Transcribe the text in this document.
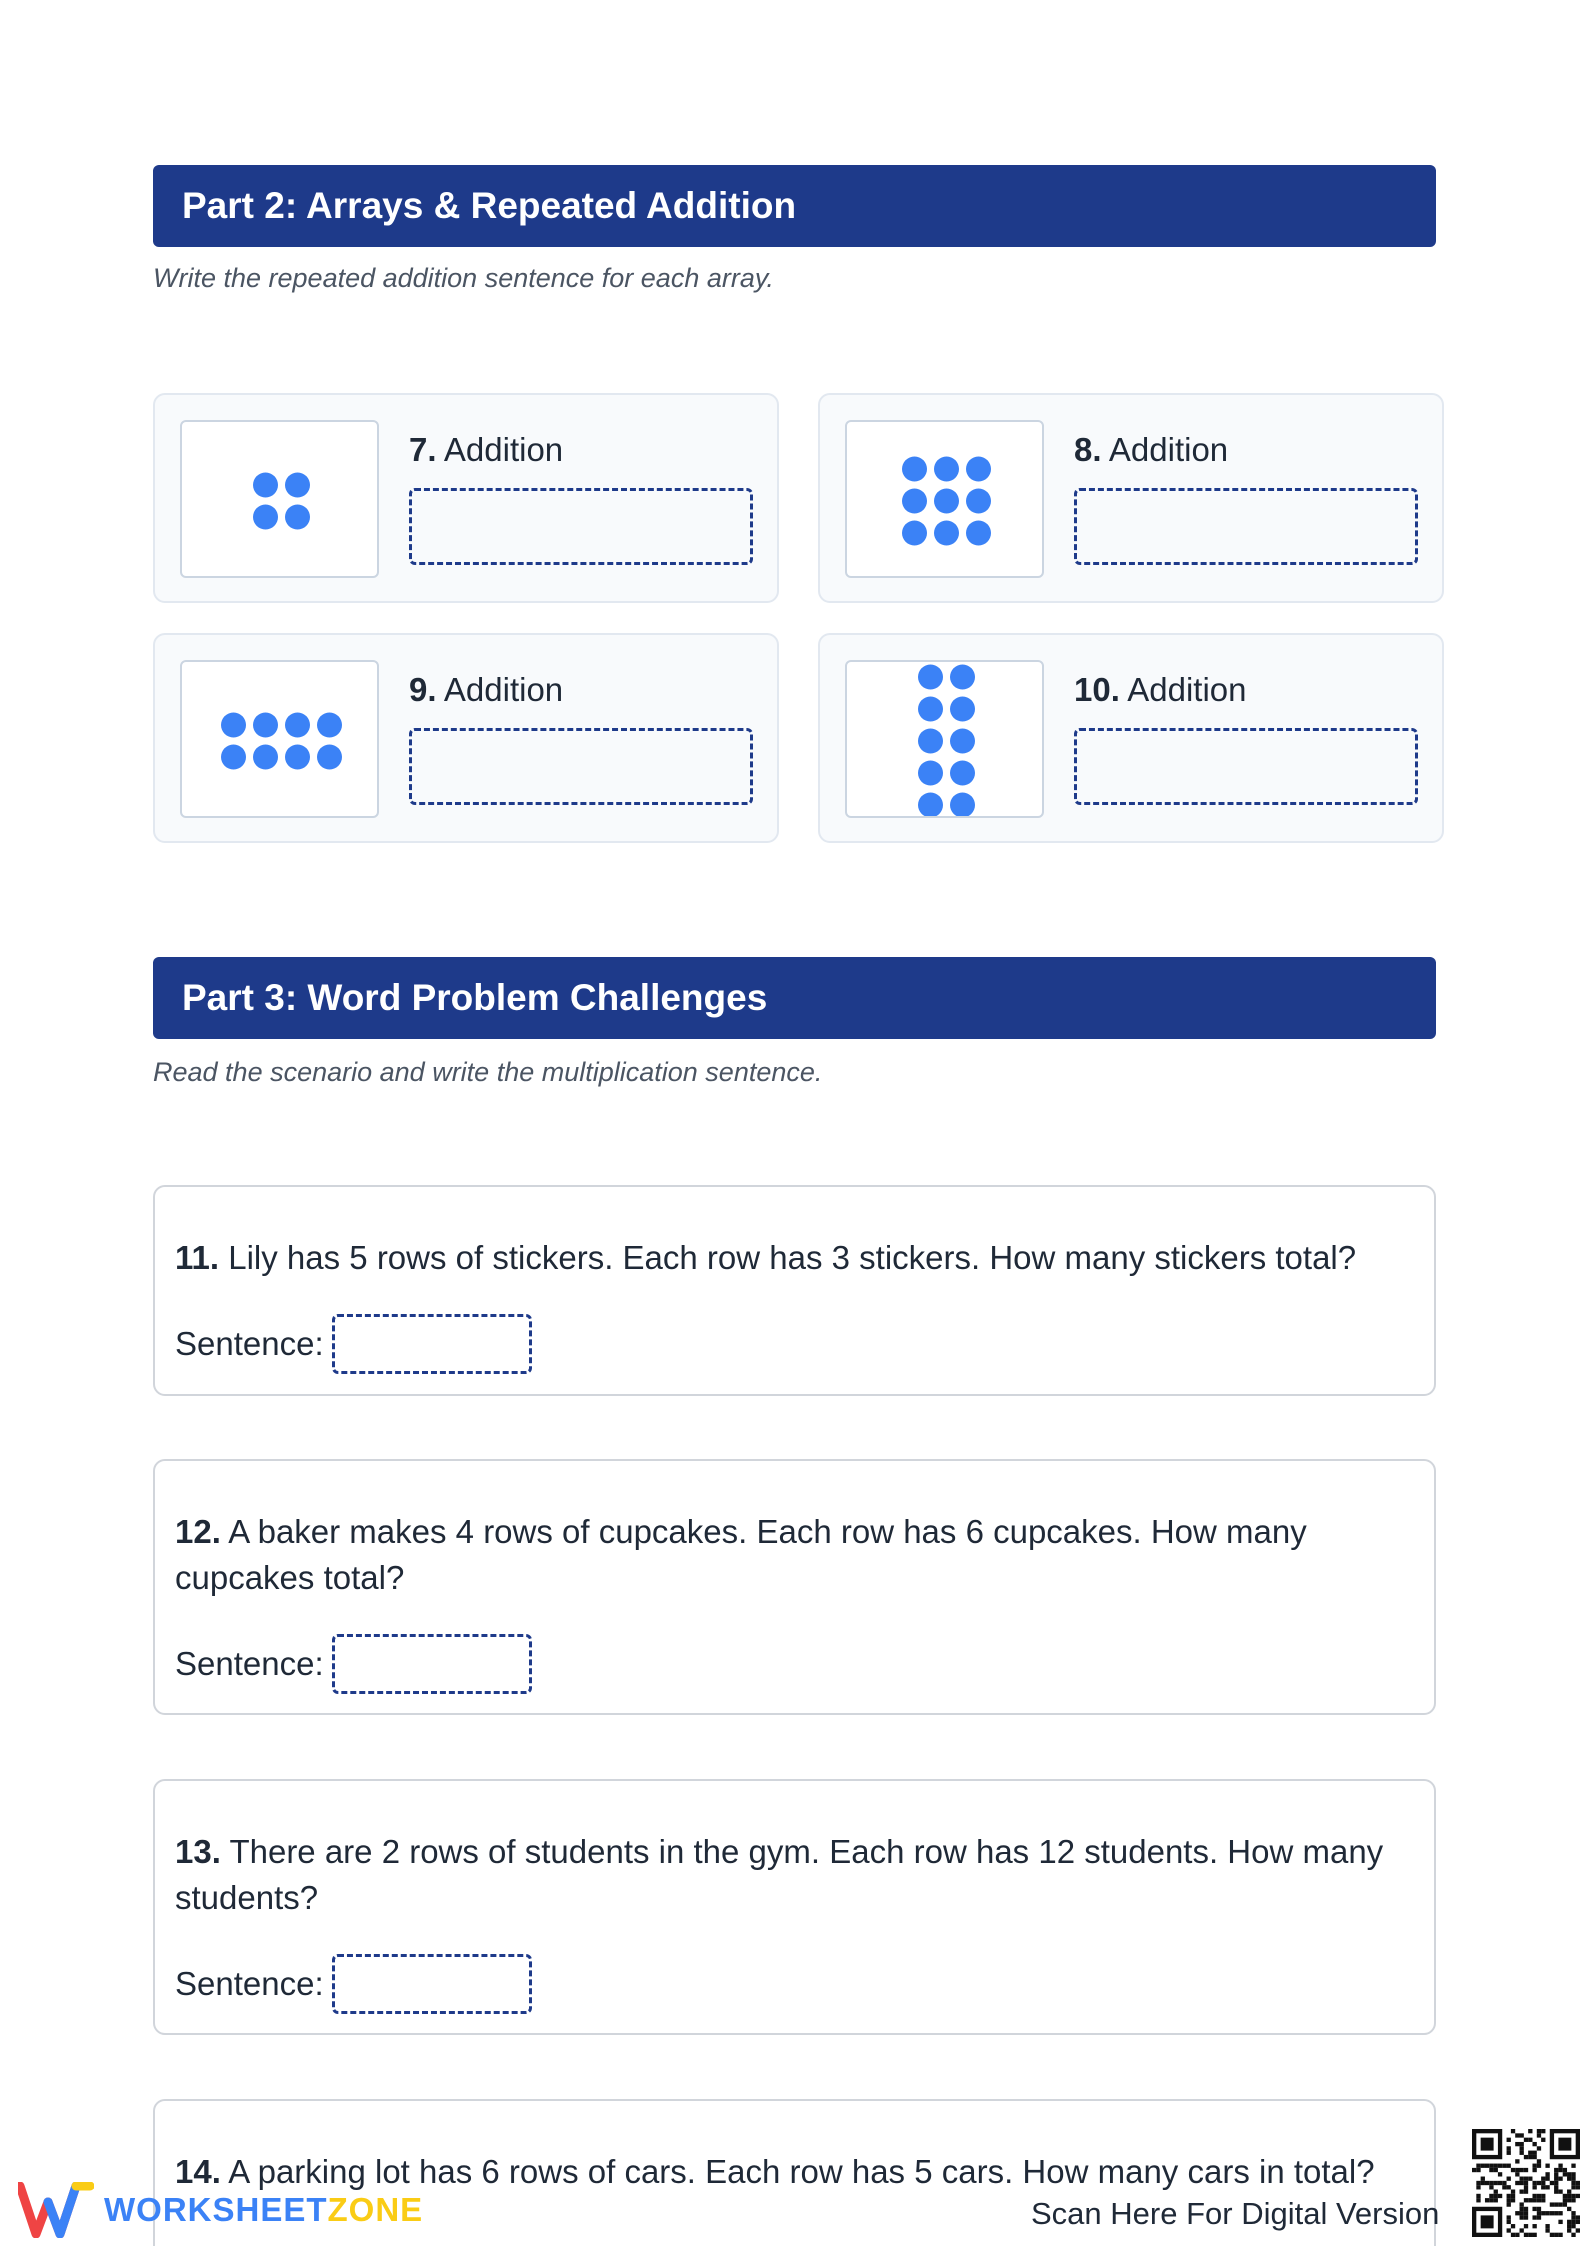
Part 2: Arrays & Repeated Addition
Write the repeated addition sentence for each array.
7. Addition	8. Addition
9. Addition	10. Addition
Part 3: Word Problem Challenges
Read the scenario and write the multiplication sentence.
11. Lily has 5 rows of stickers. Each row has 3 stickers. How many stickers total?
Sentence:
12. A baker makes 4 rows of cupcakes. Each row has 6 cupcakes. How many cupcakes total?
Sentence:
13. There are 2 rows of students in the gym. Each row has 12 students. How many students?
Sentence:
14. A parking lot has 6 rows of cars. Each row has 5 cars. How many cars in total?
WORKSHEETZONE	Scan Here For Digital Version
